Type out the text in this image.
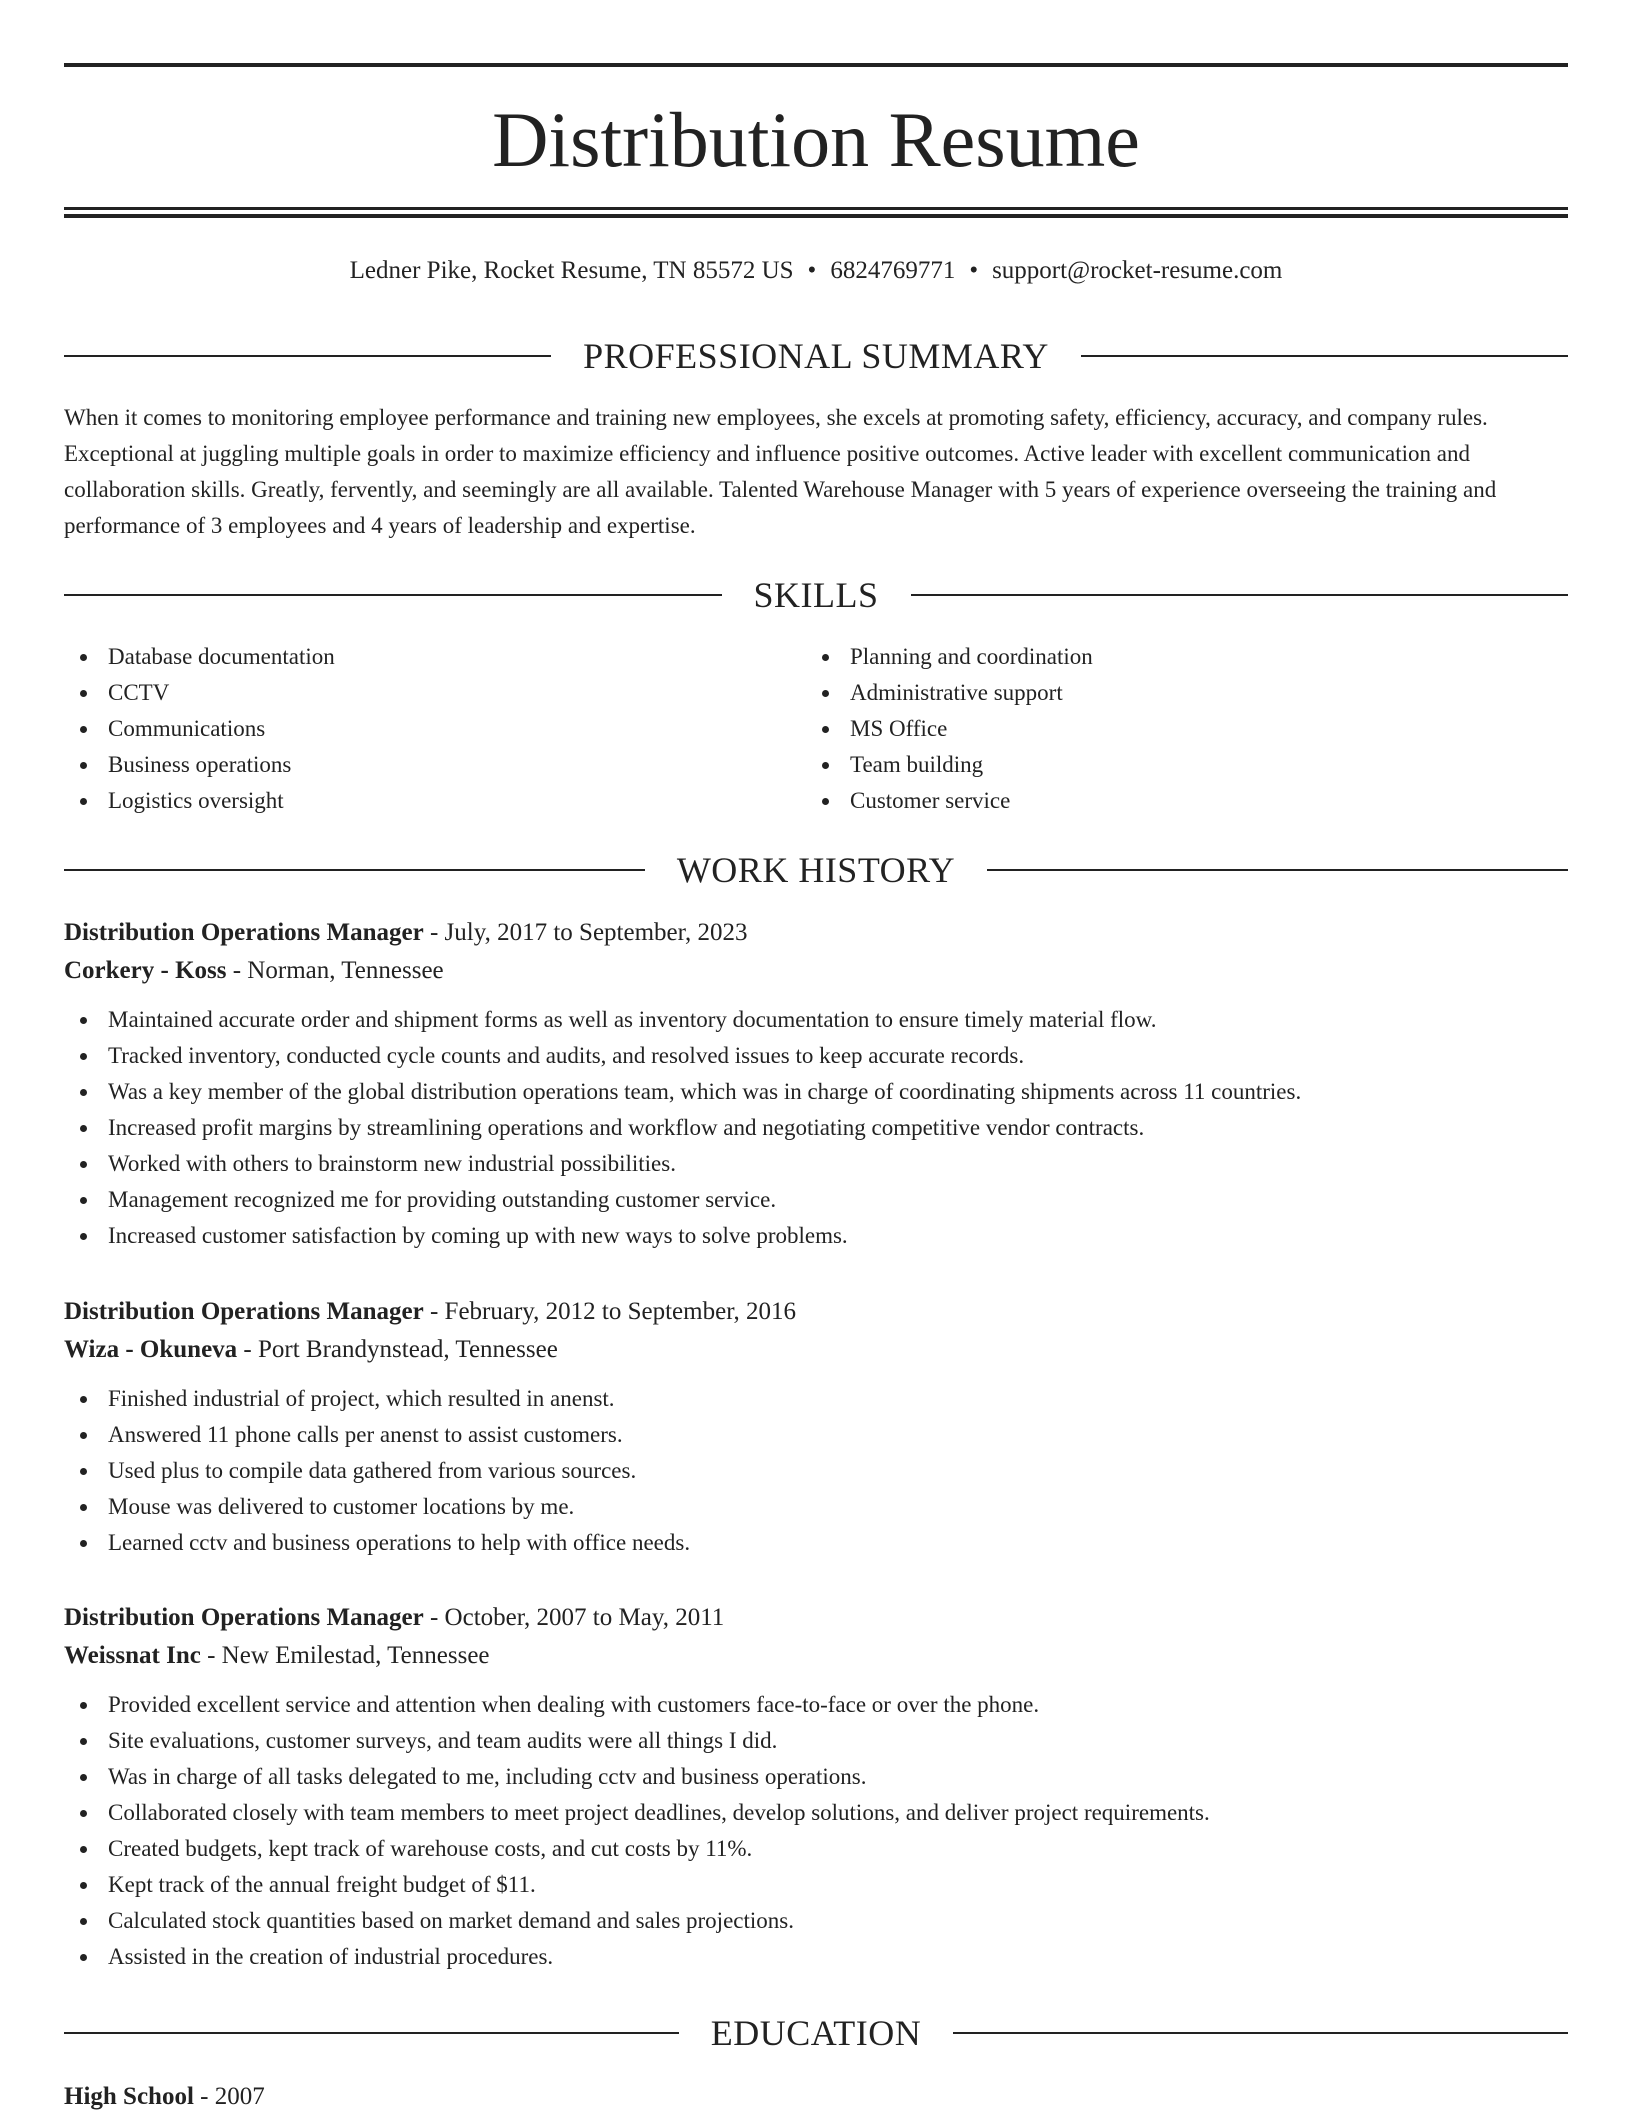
Distribution Resume
Ledner Pike, Rocket Resume, TN 85572 US • 6824769771 • support@rocket-resume.com
PROFESSIONAL SUMMARY

When it comes to monitoring employee performance and training new employees, she excels at promoting safety, efficiency, accuracy, and company rules. Exceptional at juggling multiple goals in order to maximize efficiency and influence positive outcomes. Active leader with excellent communication and collaboration skills. Greatly, fervently, and seemingly are all available. Talented Warehouse Manager with 5 years of experience overseeing the training and performance of 3 employees and 4 years of leadership and expertise.

SKILLS
Database documentation
CCTV
Communications
Business operations
Logistics oversight
Planning and coordination
Administrative support
MS Office
Team building
Customer service
WORK HISTORY
Distribution Operations Manager - July, 2017 to September, 2023
Corkery - Koss - Norman, Tennessee
Maintained accurate order and shipment forms as well as inventory documentation to ensure timely material flow.
Tracked inventory, conducted cycle counts and audits, and resolved issues to keep accurate records.
Was a key member of the global distribution operations team, which was in charge of coordinating shipments across 11 countries.
Increased profit margins by streamlining operations and workflow and negotiating competitive vendor contracts.
Worked with others to brainstorm new industrial possibilities.
Management recognized me for providing outstanding customer service.
Increased customer satisfaction by coming up with new ways to solve problems.
Distribution Operations Manager - February, 2012 to September, 2016
Wiza - Okuneva - Port Brandynstead, Tennessee
Finished industrial of project, which resulted in anenst.
Answered 11 phone calls per anenst to assist customers.
Used plus to compile data gathered from various sources.
Mouse was delivered to customer locations by me.
Learned cctv and business operations to help with office needs.
Distribution Operations Manager - October, 2007 to May, 2011
Weissnat Inc - New Emilestad, Tennessee
Provided excellent service and attention when dealing with customers face-to-face or over the phone.
Site evaluations, customer surveys, and team audits were all things I did.
Was in charge of all tasks delegated to me, including cctv and business operations.
Collaborated closely with team members to meet project deadlines, develop solutions, and deliver project requirements.
Created budgets, kept track of warehouse costs, and cut costs by 11%.
Kept track of the annual freight budget of $11.
Calculated stock quantities based on market demand and sales projections.
Assisted in the creation of industrial procedures.
EDUCATION
High School - 2007
